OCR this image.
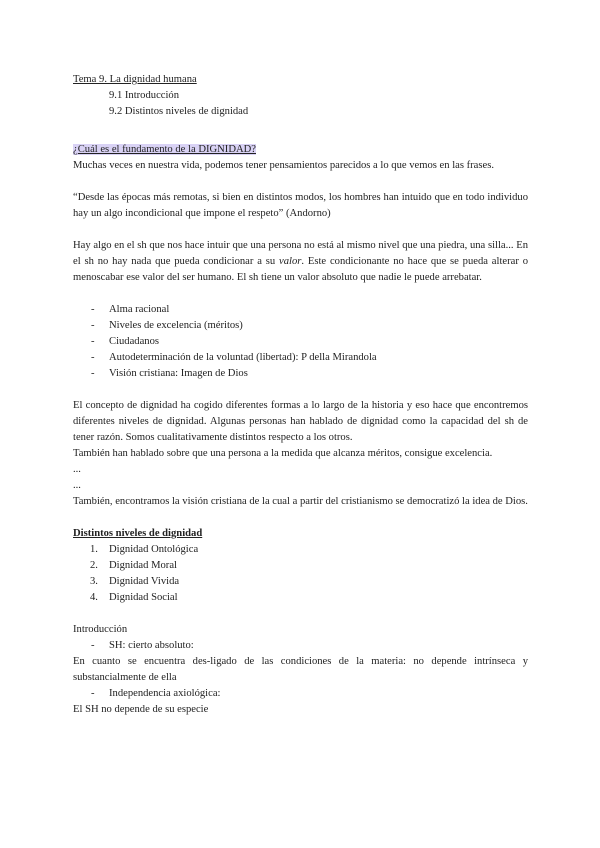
Tema 9. La dignidad humana

9.1 Introducción

9.2 Distintos niveles de dignidad

¿Cuál es el fundamento de la DIGNIDAD?

Muchas veces en nuestra vida, podemos tener pensamientos parecidos a lo que vemos en las frases.

“Desde las épocas más remotas, si bien en distintos modos, los hombres han intuido que en todo individuo hay un algo incondicional que impone el respeto” (Andorno)

Hay algo en el sh que nos hace intuir que una persona no está al mismo nivel que una piedra, una silla... En el sh no hay nada que pueda condicionar a su valor. Este condicionante no hace que se pueda alterar o menoscabar ese valor del ser humano. El sh tiene un valor absoluto que nadie le puede arrebatar.

- Alma racional
- Niveles de excelencia (méritos)
- Ciudadanos
- Autodeterminación de la voluntad (libertad): P della Mirandola
- Visión cristiana: Imagen de Dios

El concepto de dignidad ha cogido diferentes formas a lo largo de la historia y eso hace que encontremos diferentes niveles de dignidad. Algunas personas han hablado de dignidad como la capacidad del sh de tener razón. Somos cualitativamente distintos respecto a los otros.

También han hablado sobre que una persona a la medida que alcanza méritos, consigue excelencia.

...

...

También, encontramos la visión cristiana de la cual a partir del cristianismo se democratizó la idea de Dios.

Distintos niveles de dignidad

1. Dignidad Ontológica
2. Dignidad Moral
3. Dignidad Vivida
4. Dignidad Social

Introducción

- SH: cierto absoluto:

En cuanto se encuentra des-ligado de las condiciones de la materia: no depende intrínseca y substancialmente de ella

- Independencia axiológica:

El SH no depende de su especie
